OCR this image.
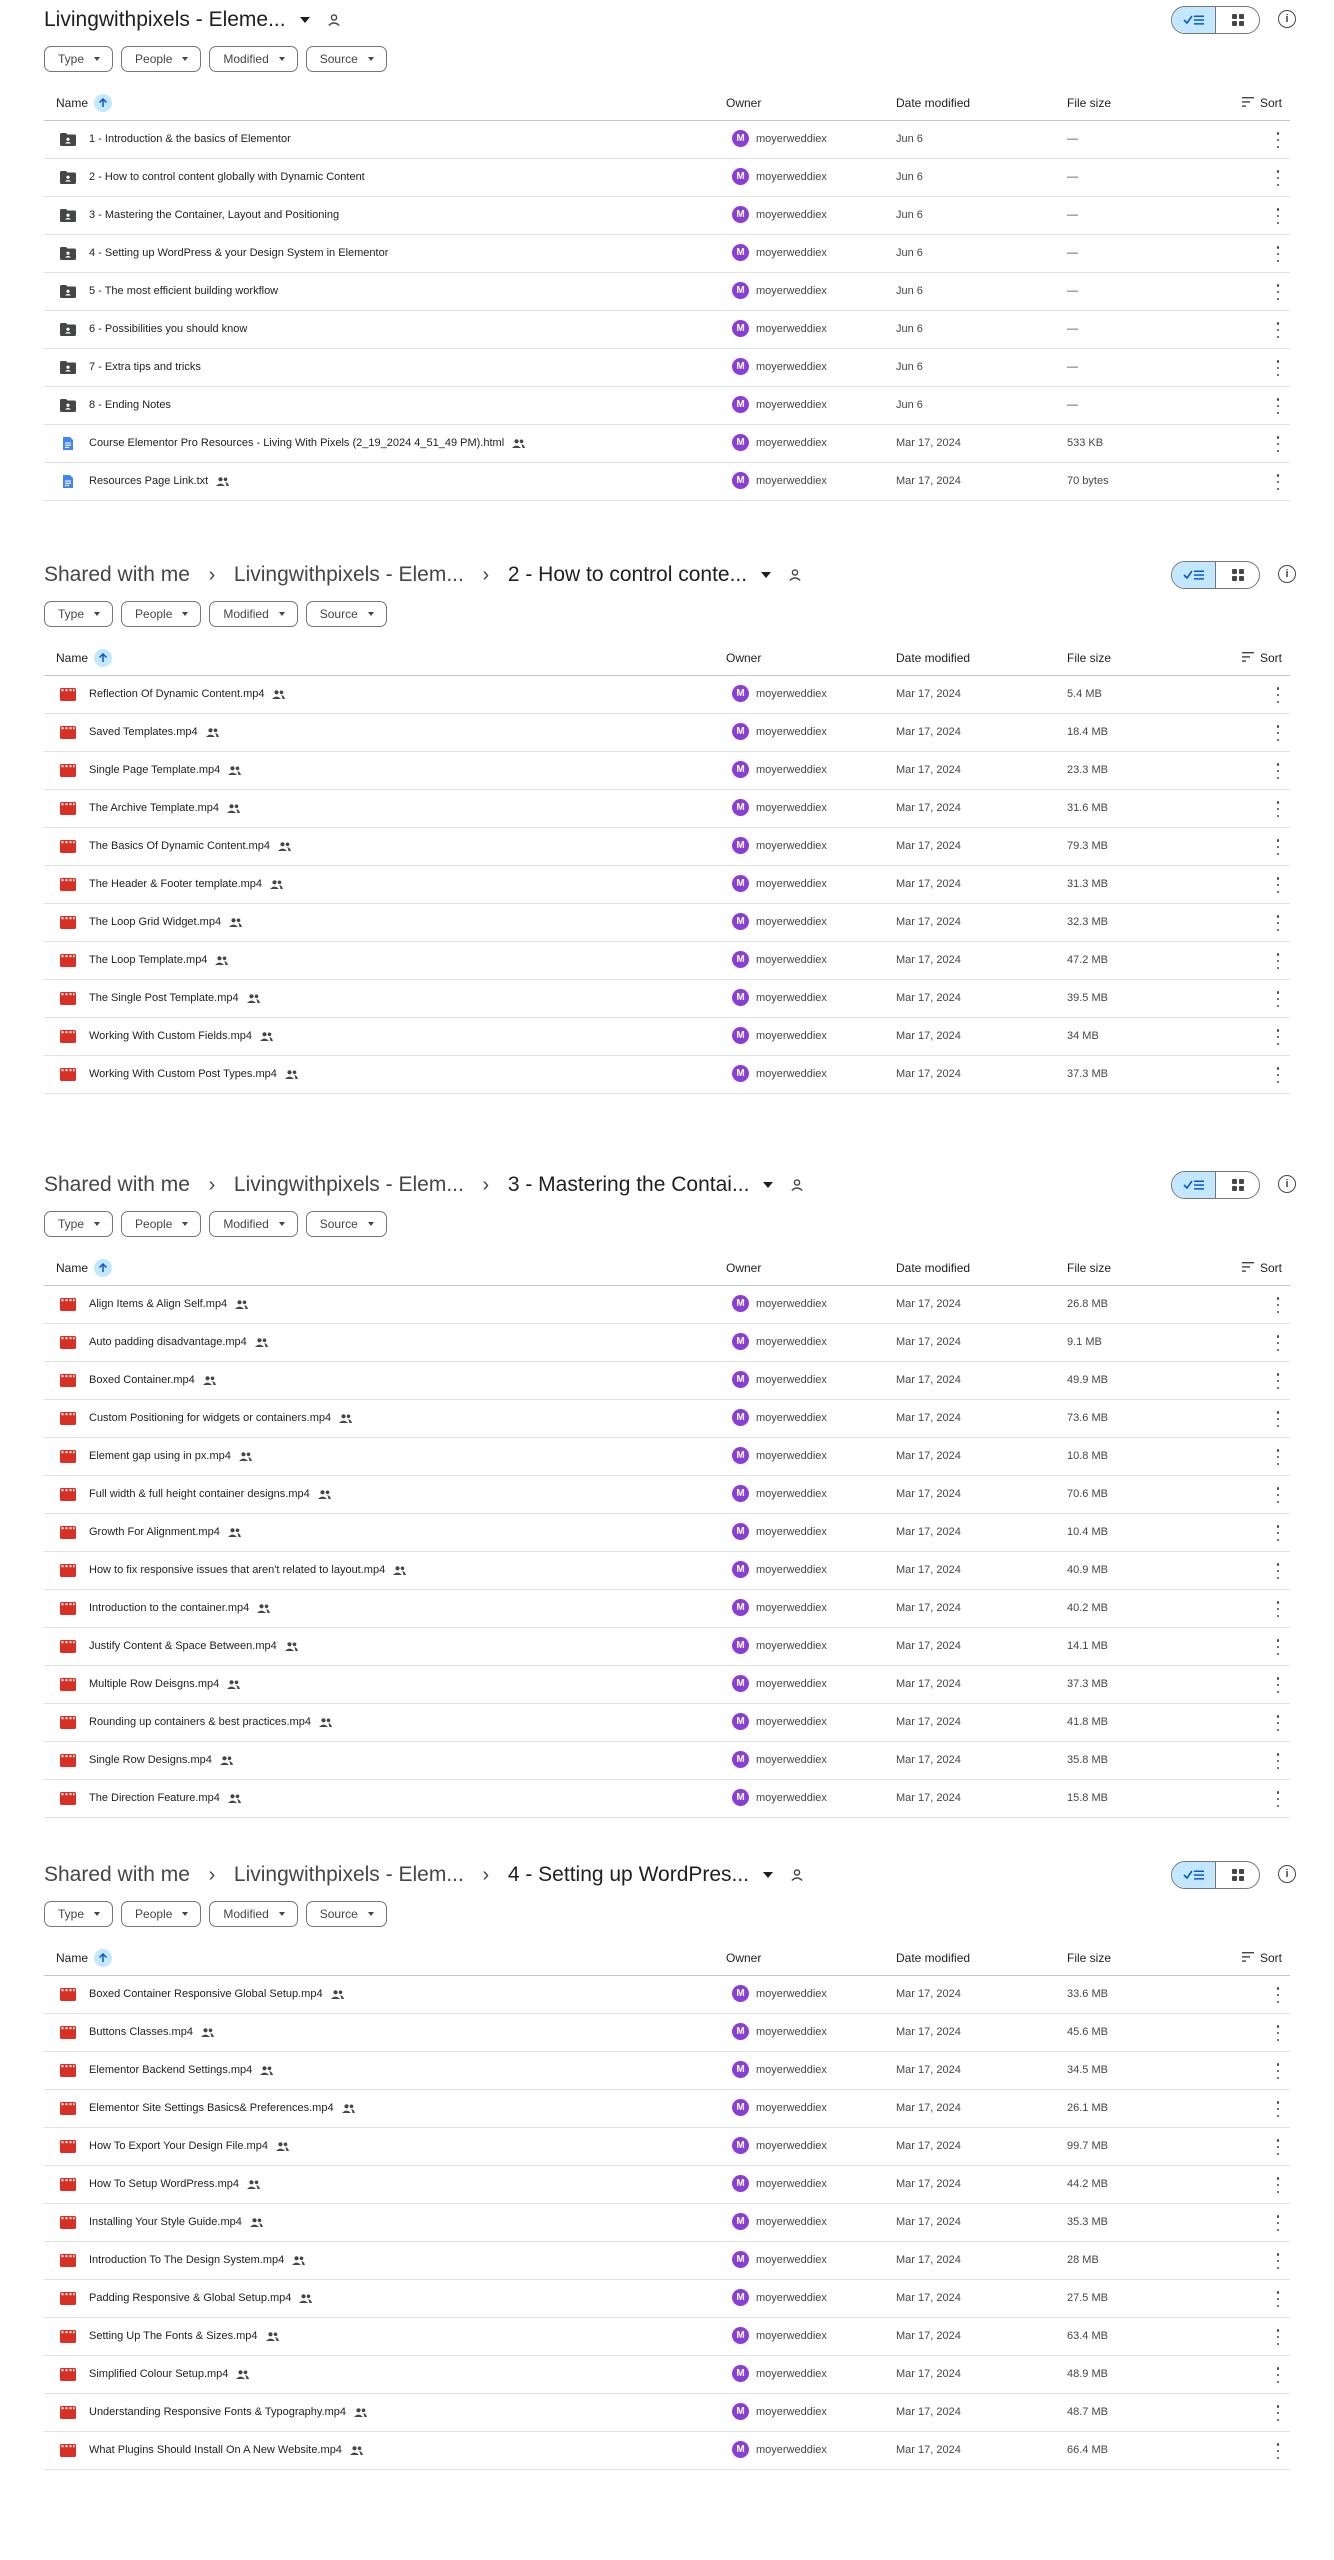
Livingwithpixels - Eleme...	i
Type	People	Modified	Source
Name	Owner	Date modified	File size	Sort
1 - Introduction & the basics of Elementor	M	moyerweddiex	Jun 6	—
2 - How to control content globally with Dynamic Content	M	moyerweddiex	Jun 6	—
3 - Mastering the Container, Layout and Positioning	M	moyerweddiex	Jun 6	—
4 - Setting up WordPress & your Design System in Elementor	M	moyerweddiex	Jun 6	—
5 - The most efficient building workflow	M	moyerweddiex	Jun 6	—
6 - Possibilities you should know	M	moyerweddiex	Jun 6	—
7 - Extra tips and tricks	M	moyerweddiex	Jun 6	—
8 - Ending Notes	M	moyerweddiex	Jun 6	—
Course Elementor Pro Resources - Living With Pixels (2_19_2024 4_51_49 PM).html	M	moyerweddiex	Mar 17, 2024	533 KB
Resources Page Link.txt	M	moyerweddiex	Mar 17, 2024	70 bytes
Shared with me › Livingwithpixels - Elem... › 2 - How to control conte...	i
Type	People	Modified	Source
Name	Owner	Date modified	File size	Sort
Reflection Of Dynamic Content.mp4	M	moyerweddiex	Mar 17, 2024	5.4 MB
Saved Templates.mp4	M	moyerweddiex	Mar 17, 2024	18.4 MB
Single Page Template.mp4	M	moyerweddiex	Mar 17, 2024	23.3 MB
The Archive Template.mp4	M	moyerweddiex	Mar 17, 2024	31.6 MB
The Basics Of Dynamic Content.mp4	M	moyerweddiex	Mar 17, 2024	79.3 MB
The Header & Footer template.mp4	M	moyerweddiex	Mar 17, 2024	31.3 MB
The Loop Grid Widget.mp4	M	moyerweddiex	Mar 17, 2024	32.3 MB
The Loop Template.mp4	M	moyerweddiex	Mar 17, 2024	47.2 MB
The Single Post Template.mp4	M	moyerweddiex	Mar 17, 2024	39.5 MB
Working With Custom Fields.mp4	M	moyerweddiex	Mar 17, 2024	34 MB
Working With Custom Post Types.mp4	M	moyerweddiex	Mar 17, 2024	37.3 MB
Shared with me › Livingwithpixels - Elem... › 3 - Mastering the Contai...	i
Type	People	Modified	Source
Name	Owner	Date modified	File size	Sort
Align Items & Align Self.mp4	M	moyerweddiex	Mar 17, 2024	26.8 MB
Auto padding disadvantage.mp4	M	moyerweddiex	Mar 17, 2024	9.1 MB
Boxed Container.mp4	M	moyerweddiex	Mar 17, 2024	49.9 MB
Custom Positioning for widgets or containers.mp4	M	moyerweddiex	Mar 17, 2024	73.6 MB
Element gap using in px.mp4	M	moyerweddiex	Mar 17, 2024	10.8 MB
Full width & full height container designs.mp4	M	moyerweddiex	Mar 17, 2024	70.6 MB
Growth For Alignment.mp4	M	moyerweddiex	Mar 17, 2024	10.4 MB
How to fix responsive issues that aren't related to layout.mp4	M	moyerweddiex	Mar 17, 2024	40.9 MB
Introduction to the container.mp4	M	moyerweddiex	Mar 17, 2024	40.2 MB
Justify Content & Space Between.mp4	M	moyerweddiex	Mar 17, 2024	14.1 MB
Multiple Row Deisgns.mp4	M	moyerweddiex	Mar 17, 2024	37.3 MB
Rounding up containers & best practices.mp4	M	moyerweddiex	Mar 17, 2024	41.8 MB
Single Row Designs.mp4	M	moyerweddiex	Mar 17, 2024	35.8 MB
The Direction Feature.mp4	M	moyerweddiex	Mar 17, 2024	15.8 MB
Shared with me › Livingwithpixels - Elem... › 4 - Setting up WordPres...	i
Type	People	Modified	Source
Name	Owner	Date modified	File size	Sort
Boxed Container Responsive Global Setup.mp4	M	moyerweddiex	Mar 17, 2024	33.6 MB
Buttons Classes.mp4	M	moyerweddiex	Mar 17, 2024	45.6 MB
Elementor Backend Settings.mp4	M	moyerweddiex	Mar 17, 2024	34.5 MB
Elementor Site Settings Basics& Preferences.mp4	M	moyerweddiex	Mar 17, 2024	26.1 MB
How To Export Your Design File.mp4	M	moyerweddiex	Mar 17, 2024	99.7 MB
How To Setup WordPress.mp4	M	moyerweddiex	Mar 17, 2024	44.2 MB
Installing Your Style Guide.mp4	M	moyerweddiex	Mar 17, 2024	35.3 MB
Introduction To The Design System.mp4	M	moyerweddiex	Mar 17, 2024	28 MB
Padding Responsive & Global Setup.mp4	M	moyerweddiex	Mar 17, 2024	27.5 MB
Setting Up The Fonts & Sizes.mp4	M	moyerweddiex	Mar 17, 2024	63.4 MB
Simplified Colour Setup.mp4	M	moyerweddiex	Mar 17, 2024	48.9 MB
Understanding Responsive Fonts & Typography.mp4	M	moyerweddiex	Mar 17, 2024	48.7 MB
What Plugins Should Install On A New Website.mp4	M	moyerweddiex	Mar 17, 2024	66.4 MB
